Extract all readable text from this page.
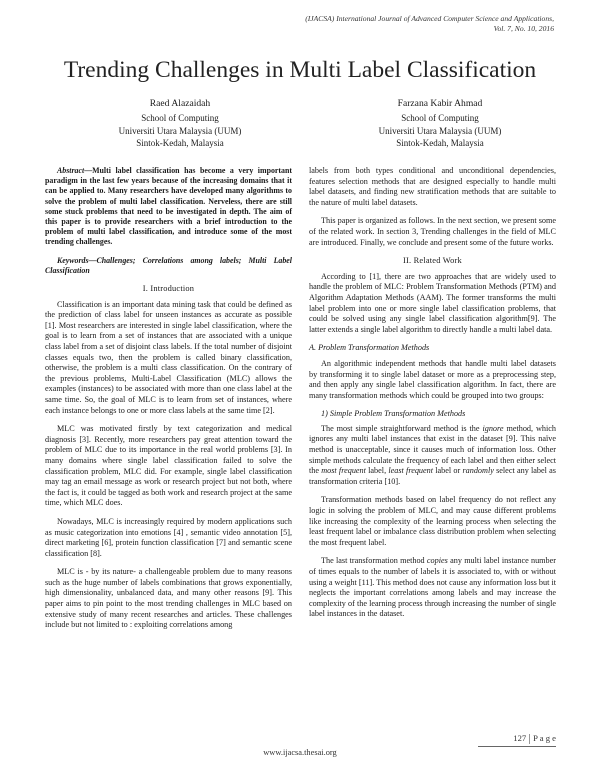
(IJACSA) International Journal of Advanced Computer Science and Applications,
Vol. 7, No. 10, 2016
Trending Challenges in Multi Label Classification
Raed Alazaidah
School of Computing
Universiti Utara Malaysia (UUM)
Sintok-Kedah, Malaysia
Farzana Kabir Ahmad
School of Computing
Universiti Utara Malaysia (UUM)
Sintok-Kedah, Malaysia

Abstract—Multi label classification has become a very important paradigm in the last few years because of the increasing domains that it can be applied to. Many researchers have developed many algorithms to solve the problem of multi label classification. Nerveless, there are still some stuck problems that need to be investigated in depth. The aim of this paper is to provide researchers with a brief introduction to the problem of multi label classification, and introduce some of the most trending challenges.

Keywords—Challenges; Correlations among labels; Multi Label Classification

I. Introduction

Classification is an important data mining task that could be defined as the prediction of class label for unseen instances as accurate as possible [1]. Most researchers are interested in single label classification, where the goal is to learn from a set of instances that are associated with a unique class label from a set of disjoint class labels. If the total number of disjoint classes equals two, then the problem is called binary classification, otherwise, the problem is a multi class classification. On the contrary of the previous problems, Multi-Label Classification (MLC) allows the examples (instances) to be associated with more than one class label at the same time. So, the goal of MLC is to learn from set of instances, where each instance belongs to one or more class labels at the same time [2].

MLC was motivated firstly by text categorization and medical diagnosis [3]. Recently, more researchers pay great attention toward the problem of MLC due to its importance in the real world problems [3]. In many domains where single label classification failed to solve the classification problem, MLC did. For example, single label classification may tag an email message as work or research project but not both, where the fact is, it could be tagged as both work and research project at the same time, which MLC does.

Nowadays, MLC is increasingly required by modern applications such as music categorization into emotions [4] , semantic video annotation [5], direct marketing [6], protein function classification [7] and semantic scene classification [8].

MLC is - by its nature- a challengeable problem due to many reasons such as the huge number of labels combinations that grows exponentially, high dimensionality, unbalanced data, and many other reasons [9]. This paper aims to pin point to the most trending challenges in MLC based on extensive study of many recent researches and articles. These challenges include but not limited to : exploiting correlations among

labels from both types conditional and unconditional dependencies, features selection methods that are designed especially to handle multi label datasets, and finding new stratification methods that are suitable to the nature of multi label datasets.

This paper is organized as follows. In the next section, we present some of the related work. In section 3, Trending challenges in the field of MLC are introduced. Finally, we conclude and present some of the future works.

II. Related Work

According to [1], there are two approaches that are widely used to handle the problem of MLC: Problem Transformation Methods (PTM) and Algorithm Adaptation Methods (AAM). The former transforms the multi label problem into one or more single label classification problems, that could be solved using any single label classification algorithm[9]. The latter extends a single label algorithm to directly handle a multi label data.

A. Problem Transformation Methods

An algorithmic independent methods that handle multi label datasets by transforming it to single label dataset or more as a preprocessing step, and then apply any single label classification algorithm. In fact, there are many transformation methods which could be grouped into two groups:

1) Simple Problem Transformation Methods

The most simple straightforward method is the ignore method, which ignores any multi label instances that exist in the dataset [9]. This naïve method is unacceptable, since it causes much of information loss. Other simple methods calculate the frequency of each label and then either select the most frequent label, least frequent label or randomly select any label as transformation criteria [10].

Transformation methods based on label frequency do not reflect any logic in solving the problem of MLC, and may cause different problems like increasing the complexity of the learning process when selecting the least frequent label or imbalance class distribution problem when selecting the most frequent label.

The last transformation method copies any multi label instance number of times equals to the number of labels it is associated to, with or without using a weight [11]. This method does not cause any information loss but it neglects the important correlations among labels and may increase the complexity of the learning process through increasing the number of single label instances in the dataset.

127 P a g e
www.ijacsa.thesai.org
